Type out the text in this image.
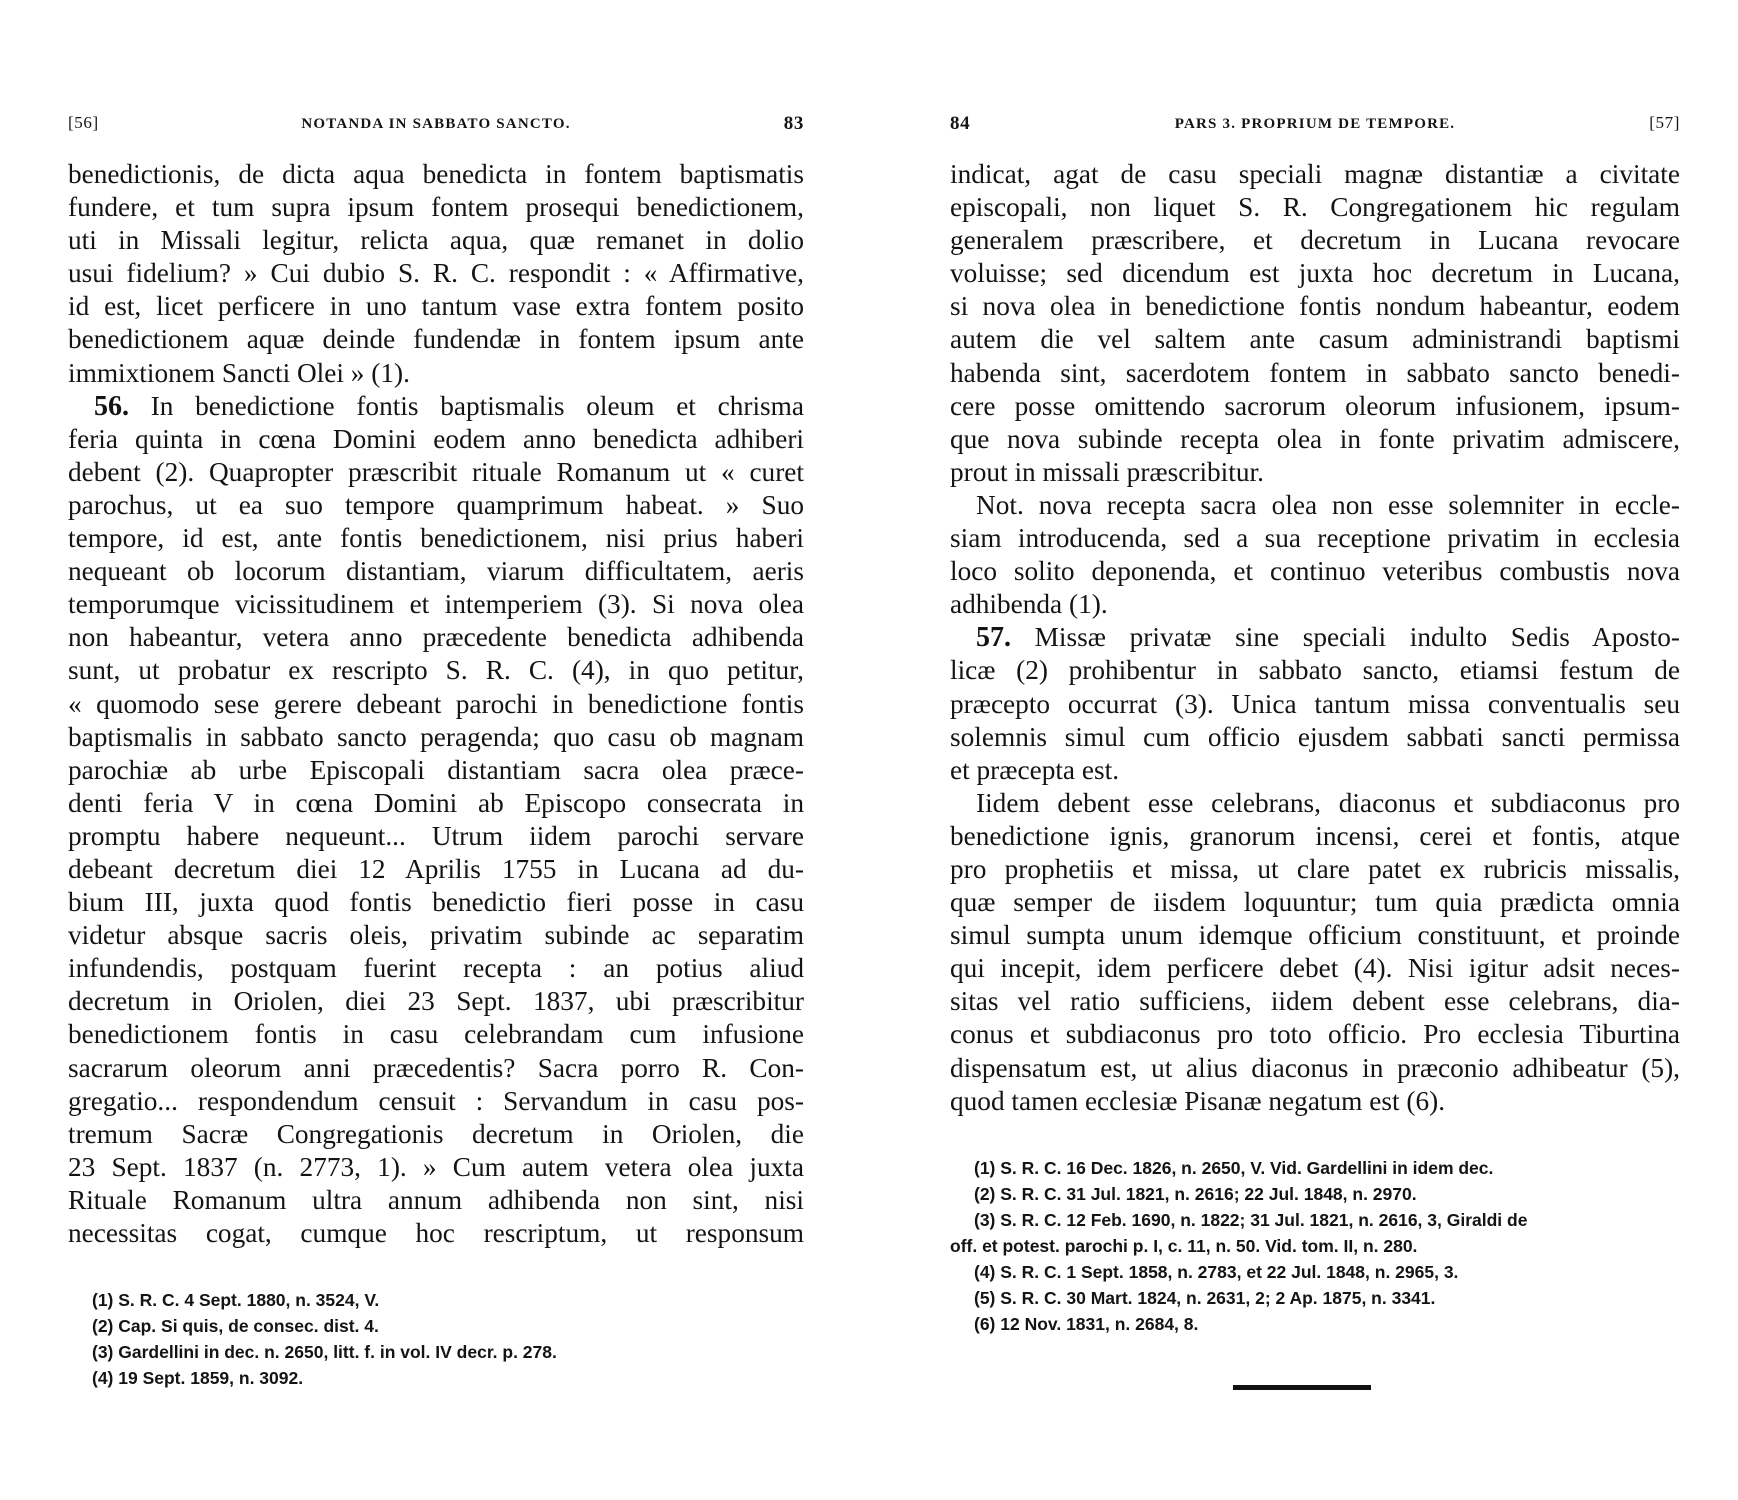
[56]	NOTANDA IN SABBATO SANCTO.	83
benedictionis, de dicta aqua benedicta in fontem baptismatis
fundere, et tum supra ipsum fontem prosequi benedictionem,
uti in Missali legitur, relicta aqua, quæ remanet in dolio
usui fidelium? » Cui dubio S. R. C. respondit : « Affirmative,
id est, licet perficere in uno tantum vase extra fontem posito
benedictionem aquæ deinde fundendæ in fontem ipsum ante
immixtionem Sancti Olei » (1).
56. In benedictione fontis baptismalis oleum et chrisma
feria quinta in cœna Domini eodem anno benedicta adhiberi
debent (2). Quapropter præscribit rituale Romanum ut « curet
parochus, ut ea suo tempore quamprimum habeat. » Suo
tempore, id est, ante fontis benedictionem, nisi prius haberi
nequeant ob locorum distantiam, viarum difficultatem, aeris
temporumque vicissitudinem et intemperiem (3). Si nova olea
non habeantur, vetera anno præcedente benedicta adhibenda
sunt, ut probatur ex rescripto S. R. C. (4), in quo petitur,
« quomodo sese gerere debeant parochi in benedictione fontis
baptismalis in sabbato sancto peragenda; quo casu ob magnam
parochiæ ab urbe Episcopali distantiam sacra olea præce-
denti feria V in cœna Domini ab Episcopo consecrata in
promptu habere nequeunt... Utrum iidem parochi servare
debeant decretum diei 12 Aprilis 1755 in Lucana ad du-
bium III, juxta quod fontis benedictio fieri posse in casu
videtur absque sacris oleis, privatim subinde ac separatim
infundendis, postquam fuerint recepta : an potius aliud
decretum in Oriolen, diei 23 Sept. 1837, ubi præscribitur
benedictionem fontis in casu celebrandam cum infusione
sacrarum oleorum anni præcedentis? Sacra porro R. Con-
gregatio... respondendum censuit : Servandum in casu pos-
tremum Sacræ Congregationis decretum in Oriolen, die
23 Sept. 1837 (n. 2773, 1). » Cum autem vetera olea juxta
Rituale Romanum ultra annum adhibenda non sint, nisi
necessitas cogat, cumque hoc rescriptum, ut responsum
(1) S. R. C. 4 Sept. 1880, n. 3524, V.
(2) Cap. Si quis, de consec. dist. 4.
(3) Gardellini in dec. n. 2650, litt. f. in vol. IV decr. p. 278.
(4) 19 Sept. 1859, n. 3092.
84	PARS 3. PROPRIUM DE TEMPORE.	[57]
indicat, agat de casu speciali magnæ distantiæ a civitate
episcopali, non liquet S. R. Congregationem hic regulam
generalem præscribere, et decretum in Lucana revocare
voluisse; sed dicendum est juxta hoc decretum in Lucana,
si nova olea in benedictione fontis nondum habeantur, eodem
autem die vel saltem ante casum administrandi baptismi
habenda sint, sacerdotem fontem in sabbato sancto benedi-
cere posse omittendo sacrorum oleorum infusionem, ipsum-
que nova subinde recepta olea in fonte privatim admiscere,
prout in missali præscribitur.
Not. nova recepta sacra olea non esse solemniter in eccle-
siam introducenda, sed a sua receptione privatim in ecclesia
loco solito deponenda, et continuo veteribus combustis nova
adhibenda (1).
57. Missæ privatæ sine speciali indulto Sedis Aposto-
licæ (2) prohibentur in sabbato sancto, etiamsi festum de
præcepto occurrat (3). Unica tantum missa conventualis seu
solemnis simul cum officio ejusdem sabbati sancti permissa
et præcepta est.
Iidem debent esse celebrans, diaconus et subdiaconus pro
benedictione ignis, granorum incensi, cerei et fontis, atque
pro prophetiis et missa, ut clare patet ex rubricis missalis,
quæ semper de iisdem loquuntur; tum quia prædicta omnia
simul sumpta unum idemque officium constituunt, et proinde
qui incepit, idem perficere debet (4). Nisi igitur adsit neces-
sitas vel ratio sufficiens, iidem debent esse celebrans, dia-
conus et subdiaconus pro toto officio. Pro ecclesia Tiburtina
dispensatum est, ut alius diaconus in præconio adhibeatur (5),
quod tamen ecclesiæ Pisanæ negatum est (6).
(1) S. R. C. 16 Dec. 1826, n. 2650, V. Vid. Gardellini in idem dec.
(2) S. R. C. 31 Jul. 1821, n. 2616; 22 Jul. 1848, n. 2970.
(3) S. R. C. 12 Feb. 1690, n. 1822; 31 Jul. 1821, n. 2616, 3, Giraldi de
off. et potest. parochi p. I, c. 11, n. 50. Vid. tom. II, n. 280.
(4) S. R. C. 1 Sept. 1858, n. 2783, et 22 Jul. 1848, n. 2965, 3.
(5) S. R. C. 30 Mart. 1824, n. 2631, 2; 2 Ap. 1875, n. 3341.
(6) 12 Nov. 1831, n. 2684, 8.
